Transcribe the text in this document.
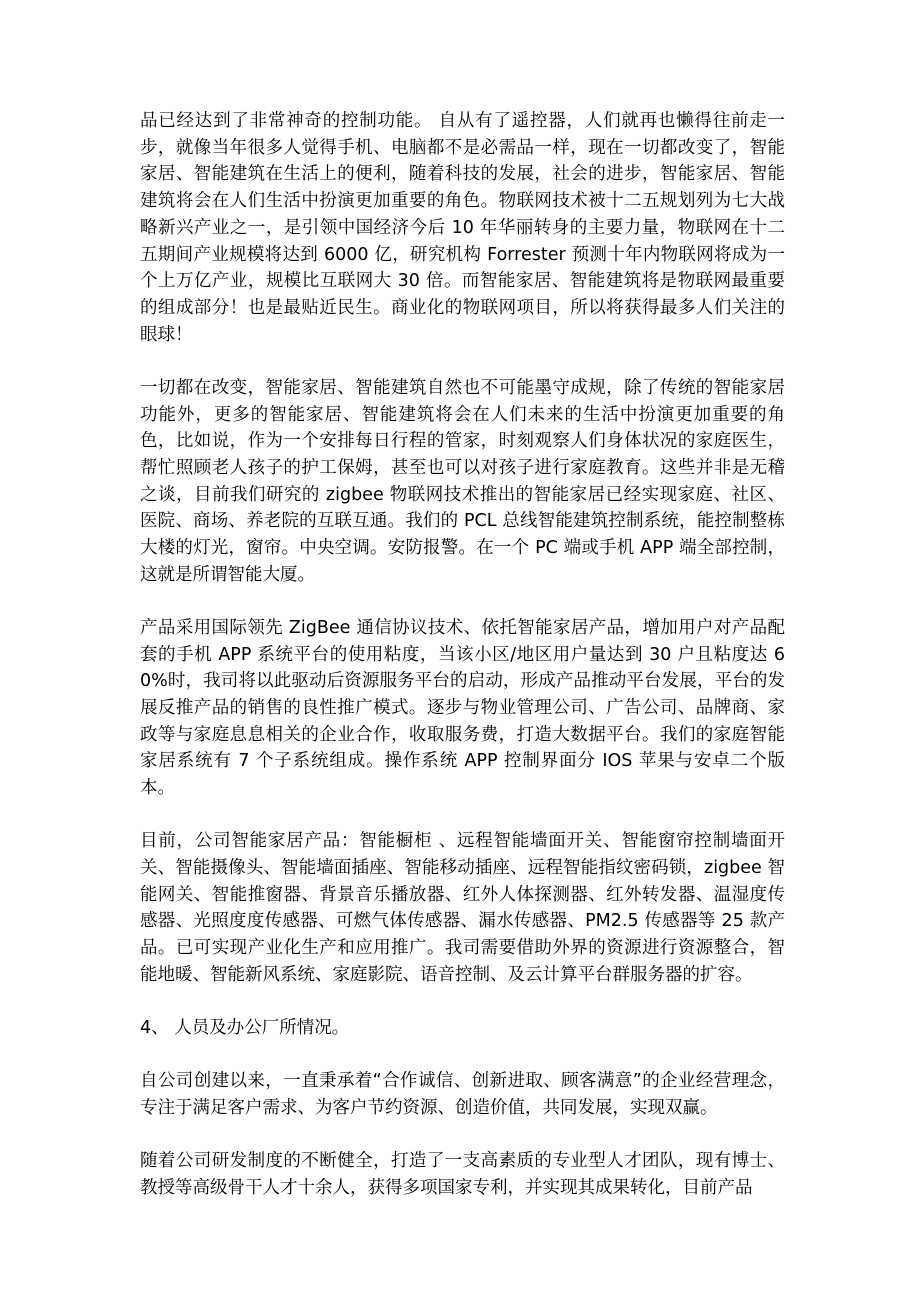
品已经达到了非常神奇的控制功能。 自从有了遥控器，人们就再也懒得往前走一步，就像当年很多人觉得手机、电脑都不是必需品一样，现在一切都改变了，智能家居、智能建筑在生活上的便利，随着科技的发展，社会的进步，智能家居、智能建筑将会在人们生活中扮演更加重要的角色。物联网技术被十二五规划列为七大战略新兴产业之一，是引领中国经济今后 10 年华丽转身的主要力量，物联网在十二五期间产业规模将达到 6000 亿，研究机构 Forrester 预测十年内物联网将成为一个上万亿产业，规模比互联网大 30 倍。而智能家居、智能建筑将是物联网最重要的组成部分！也是最贴近民生。商业化的物联网项目，所以将获得最多人们关注的眼球！

一切都在改变，智能家居、智能建筑自然也不可能墨守成规，除了传统的智能家居功能外，更多的智能家居、智能建筑将会在人们未来的生活中扮演更加重要的角色，比如说，作为一个安排每日行程的管家，时刻观察人们身体状况的家庭医生，帮忙照顾老人孩子的护工保姆，甚至也可以对孩子进行家庭教育。这些并非是无稽之谈，目前我们研究的 zigbee 物联网技术推出的智能家居已经实现家庭、社区、医院、商场、养老院的互联互通。我们的 PCL 总线智能建筑控制系统，能控制整栋大楼的灯光，窗帘。中央空调。安防报警。在一个 PC 端或手机 APP 端全部控制，这就是所谓智能大厦。

产品采用国际领先 ZigBee 通信协议技术、依托智能家居产品，增加用户对产品配套的手机 APP 系统平台的使用粘度，当该小区/地区用户量达到 30 户且粘度达 60%时，我司将以此驱动后资源服务平台的启动，形成产品推动平台发展，平台的发展反推产品的销售的良性推广模式。逐步与物业管理公司、广告公司、品牌商、家政等与家庭息息相关的企业合作，收取服务费，打造大数据平台。我们的家庭智能家居系统有 7 个子系统组成。操作系统 APP 控制界面分 IOS 苹果与安卓二个版本。

目前，公司智能家居产品：智能橱柜 、远程智能墙面开关、智能窗帘控制墙面开关、智能摄像头、智能墙面插座、智能移动插座、远程智能指纹密码锁，zigbee 智能网关、智能推窗器、背景音乐播放器、红外人体探测器、红外转发器、温湿度传感器、光照度度传感器、可燃气体传感器、漏水传感器、PM2.5 传感器等 25 款产品。已可实现产业化生产和应用推广。我司需要借助外界的资源进行资源整合，智能地暖、智能新风系统、家庭影院、语音控制、及云计算平台群服务器的扩容。

4、 人员及办公厂所情况。

自公司创建以来，一直秉承着“合作诚信、创新进取、顾客满意”的企业经营理念，专注于满足客户需求、为客户节约资源、创造价值，共同发展，实现双赢。

随着公司研发制度的不断健全，打造了一支高素质的专业型人才团队，现有博士、教授等高级骨干人才十余人，获得多项国家专利，并实现其成果转化，目前产品
